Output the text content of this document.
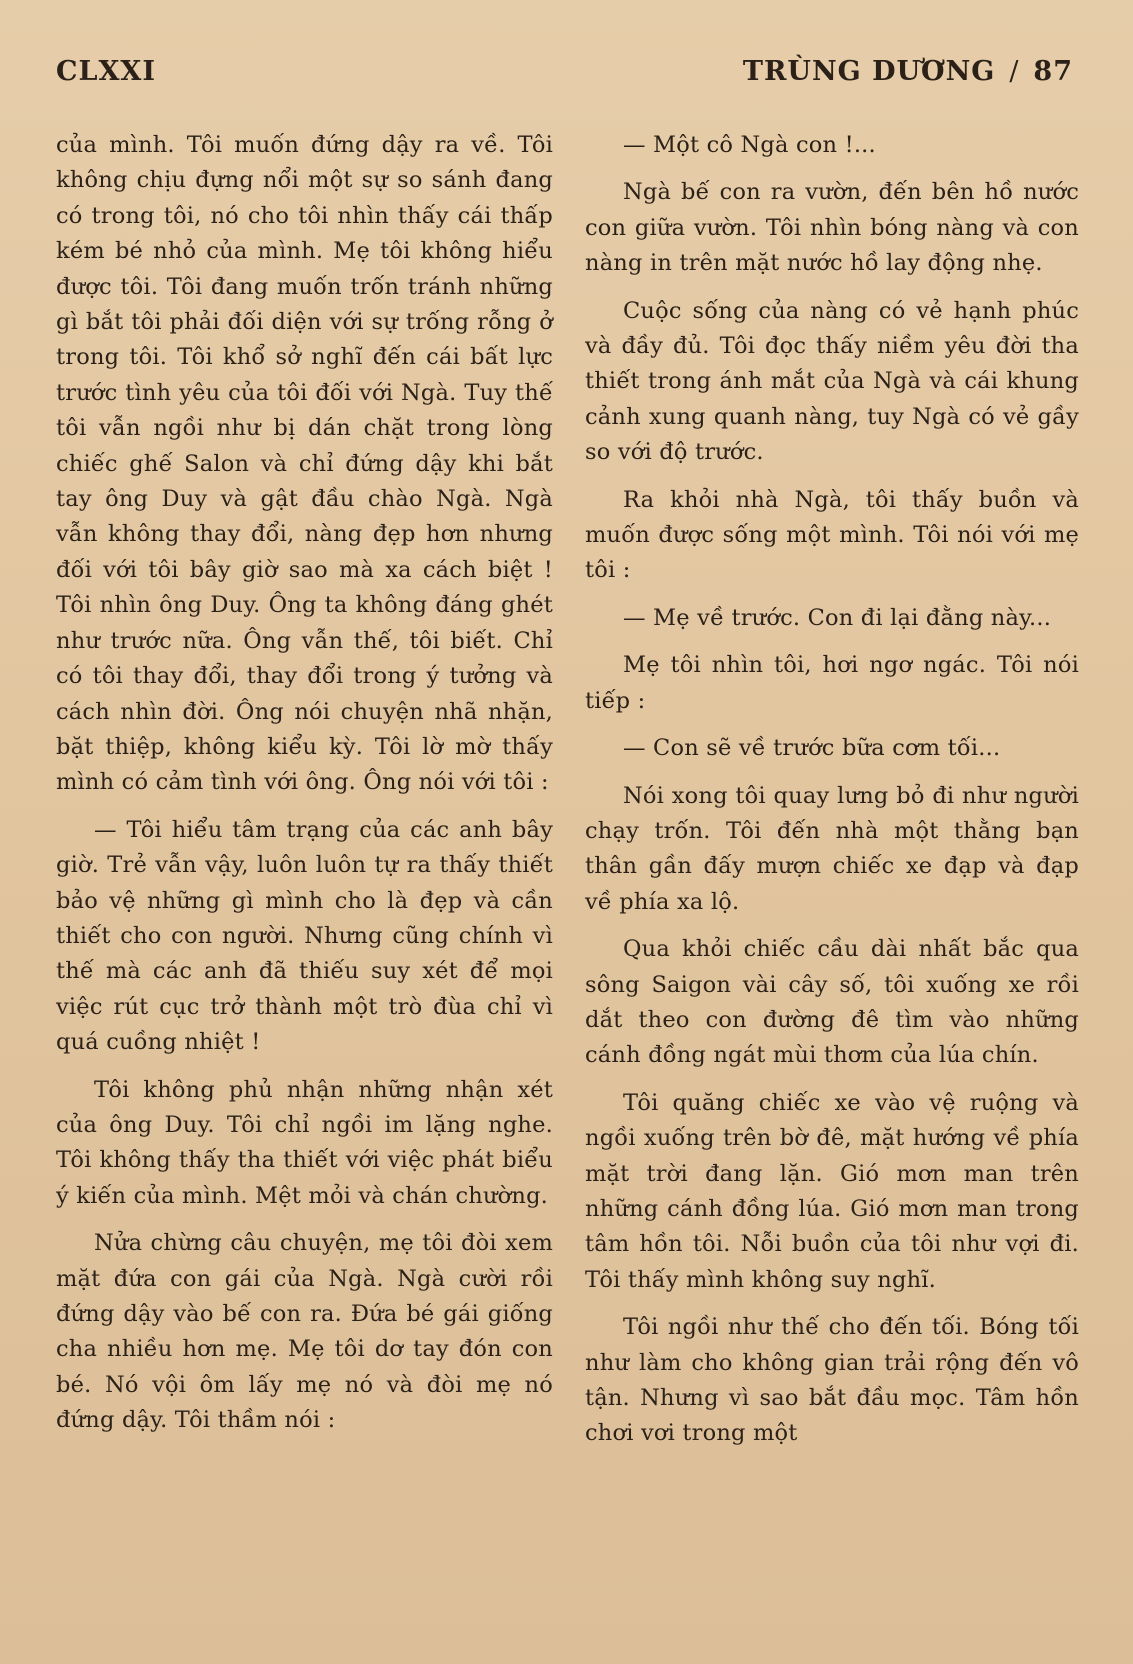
CLXXI	TRÙNG DƯƠNG / 87

của mình. Tôi muốn đứng dậy ra về. Tôi không chịu đựng nổi một sự so sánh đang có trong tôi, nó cho tôi nhìn thấy cái thấp kém bé nhỏ của mình. Mẹ tôi không hiểu được tôi. Tôi đang muốn trốn tránh những gì bắt tôi phải đối diện với sự trống rỗng ở trong tôi. Tôi khổ sở nghĩ đến cái bất lực trước tình yêu của tôi đối với Ngà. Tuy thế tôi vẫn ngồi như bị dán chặt trong lòng chiếc ghế Salon và chỉ đứng dậy khi bắt tay ông Duy và gật đầu chào Ngà. Ngà vẫn không thay đổi, nàng đẹp hơn nhưng đối với tôi bây giờ sao mà xa cách biệt ! Tôi nhìn ông Duy. Ông ta không đáng ghét như trước nữa. Ông vẫn thế, tôi biết. Chỉ có tôi thay đổi, thay đổi trong ý tưởng và cách nhìn đời. Ông nói chuyện nhã nhặn, bặt thiệp, không kiểu kỳ. Tôi lờ mờ thấy mình có cảm tình với ông. Ông nói với tôi :

— Tôi hiểu tâm trạng của các anh bây giờ. Trẻ vẫn vậy, luôn luôn tự ra thấy thiết bảo vệ những gì mình cho là đẹp và cần thiết cho con người. Nhưng cũng chính vì thế mà các anh đã thiếu suy xét để mọi việc rút cục trở thành một trò đùa chỉ vì quá cuồng nhiệt !

Tôi không phủ nhận những nhận xét của ông Duy. Tôi chỉ ngồi im lặng nghe. Tôi không thấy tha thiết với việc phát biểu ý kiến của mình. Mệt mỏi và chán chường.

Nửa chừng câu chuyện, mẹ tôi đòi xem mặt đứa con gái của Ngà. Ngà cười rồi đứng dậy vào bế con ra. Đứa bé gái giống cha nhiều hơn mẹ. Mẹ tôi dơ tay đón con bé. Nó vội ôm lấy mẹ nó và đòi mẹ nó đứng dậy. Tôi thầm nói :

— Một cô Ngà con !...

Ngà bế con ra vườn, đến bên hồ nước con giữa vườn. Tôi nhìn bóng nàng và con nàng in trên mặt nước hồ lay động nhẹ.

Cuộc sống của nàng có vẻ hạnh phúc và đầy đủ. Tôi đọc thấy niềm yêu đời tha thiết trong ánh mắt của Ngà và cái khung cảnh xung quanh nàng, tuy Ngà có vẻ gầy so với độ trước.

Ra khỏi nhà Ngà, tôi thấy buồn và muốn được sống một mình. Tôi nói với mẹ tôi :

— Mẹ về trước. Con đi lại đằng này...

Mẹ tôi nhìn tôi, hơi ngơ ngác. Tôi nói tiếp :

— Con sẽ về trước bữa cơm tối...

Nói xong tôi quay lưng bỏ đi như người chạy trốn. Tôi đến nhà một thằng bạn thân gần đấy mượn chiếc xe đạp và đạp về phía xa lộ.

Qua khỏi chiếc cầu dài nhất bắc qua sông Saigon vài cây số, tôi xuống xe rồi dắt theo con đường đê tìm vào những cánh đồng ngát mùi thơm của lúa chín.

Tôi quăng chiếc xe vào vệ ruộng và ngồi xuống trên bờ đê, mặt hướng về phía mặt trời đang lặn. Gió mơn man trên những cánh đồng lúa. Gió mơn man trong tâm hồn tôi. Nỗi buồn của tôi như vợi đi. Tôi thấy mình không suy nghĩ.

Tôi ngồi như thế cho đến tối. Bóng tối như làm cho không gian trải rộng đến vô tận. Nhưng vì sao bắt đầu mọc. Tâm hồn chơi vơi trong một
